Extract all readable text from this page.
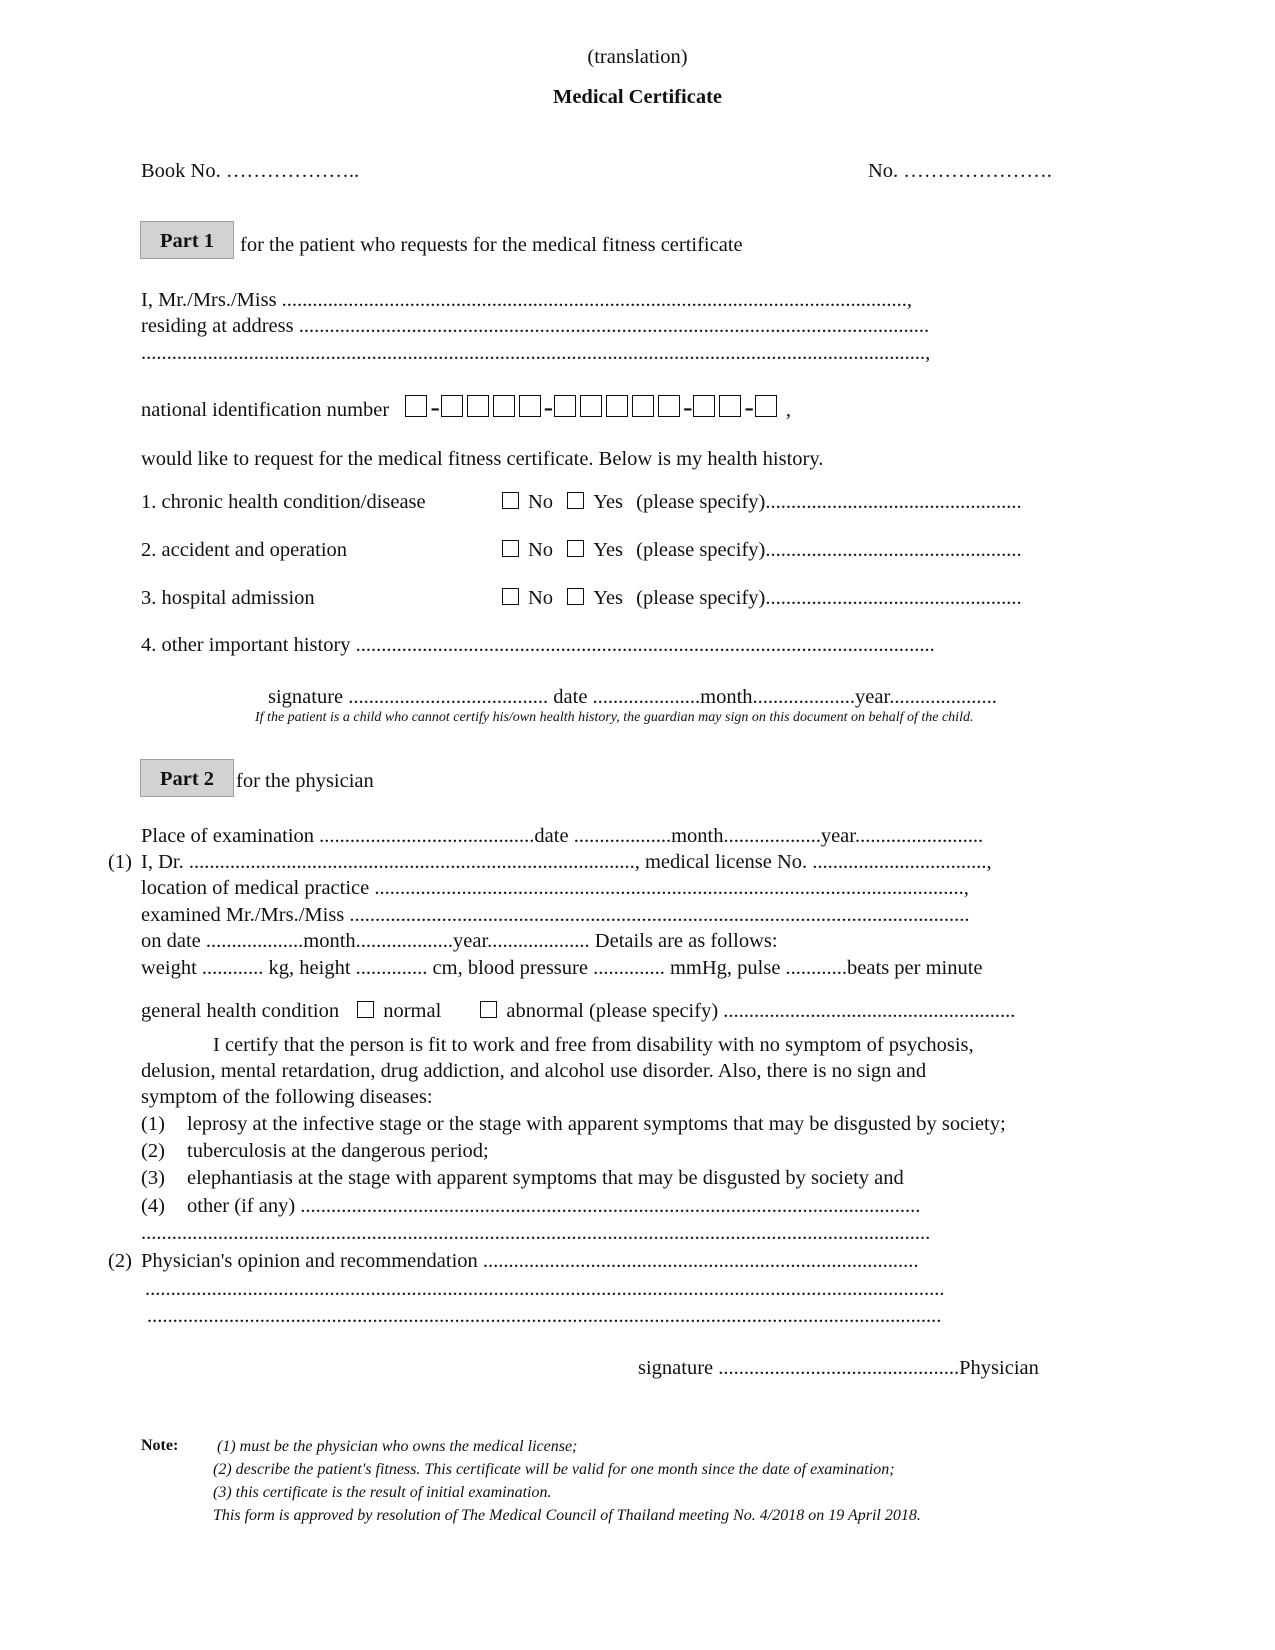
(translation)
Medical Certificate
Book No. ………………..	No. ………………….
Part 1	for the patient who requests for the medical fitness certificate
I, Mr./Mrs./Miss ..........................................................................................................................,
residing at address ...........................................................................................................................
.........................................................................................................................................................,
national identification number -	-	- - ,
would like to request for the medical fitness certificate. Below is my health history.
1. chronic health condition/disease	No Yes (please specify)..................................................
2. accident and operation	No Yes (please specify)..................................................
3. hospital admission	No Yes (please specify)..................................................
4. other important history .................................................................................................................
signature ....................................... date .....................month....................year.....................
If the patient is a child who cannot certify his/own health history, the guardian may sign on this document on behalf of the child.
Part 2	for the physician
Place of examination ..........................................date ...................month...................year.........................
(1) I, Dr. ......................................................................................., medical license No. ..................................,
location of medical practice ...................................................................................................................,
examined Mr./Mrs./Miss .........................................................................................................................
on date ...................month...................year.................... Details are as follows:
weight ............ kg, height .............. cm, blood pressure .............. mmHg, pulse ............beats per minute
general health condition normal	abnormal (please specify) .........................................................
I certify that the person is fit to work and free from disability with no symptom of psychosis,
delusion, mental retardation, drug addiction, and alcohol use disorder. Also, there is no sign and
symptom of the following diseases:
(1) leprosy at the infective stage or the stage with apparent symptoms that may be disgusted by society;
(2) tuberculosis at the dangerous period;
(3) elephantiasis at the stage with apparent symptoms that may be disgusted by society and
(4) other (if any) .........................................................................................................................
..........................................................................................................................................................
(2) Physician's opinion and recommendation .....................................................................................
............................................................................................................................................................
...........................................................................................................................................................
signature ...............................................Physician
Note: (1) must be the physician who owns the medical license;
(2) describe the patient's fitness. This certificate will be valid for one month since the date of examination;
(3) this certificate is the result of initial examination.
This form is approved by resolution of The Medical Council of Thailand meeting No. 4/2018 on 19 April 2018.
